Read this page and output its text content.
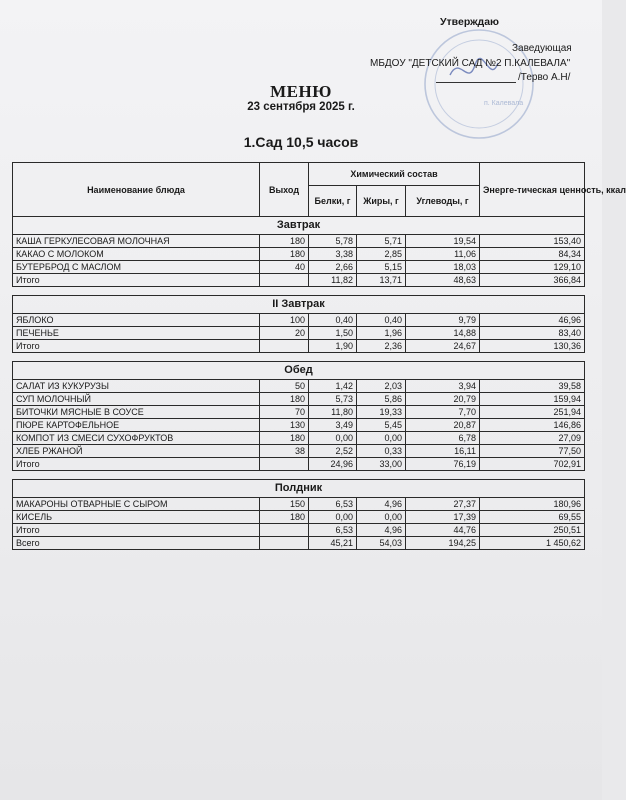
п. Калевала
Утверждаю
Заведующая
МБДОУ "ДЕТСКИЙ САД №2 П.КАЛЕВАЛА"
/Терво А.Н/
МЕНЮ
23 сентября 2025 г.
1.Сад 10,5 часов
Наименование блюда	Выход	Химический состав			Энерге-тическая ценность, ккал
		Белки, г	Жиры, г	Углеводы, г	
Завтрак					
КАША ГЕРКУЛЕСОВАЯ МОЛОЧНАЯ	180	5,78	5,71	19,54	153,40
КАКАО С МОЛОКОМ	180	3,38	2,85	11,06	84,34
БУТЕРБРОД С МАСЛОМ	40	2,66	5,15	18,03	129,10
Итого		11,82	13,71	48,63	366,84

II Завтрак					
ЯБЛОКО	100	0,40	0,40	9,79	46,96
ПЕЧЕНЬЕ	20	1,50	1,96	14,88	83,40
Итого		1,90	2,36	24,67	130,36

Обед					
САЛАТ ИЗ КУКУРУЗЫ	50	1,42	2,03	3,94	39,58
СУП МОЛОЧНЫЙ	180	5,73	5,86	20,79	159,94
БИТОЧКИ МЯСНЫЕ В СОУСЕ	70	11,80	19,33	7,70	251,94
ПЮРЕ КАРТОФЕЛЬНОЕ	130	3,49	5,45	20,87	146,86
КОМПОТ ИЗ СМЕСИ СУХОФРУКТОВ	180	0,00	0,00	6,78	27,09
ХЛЕБ РЖАНОЙ	38	2,52	0,33	16,11	77,50
Итого		24,96	33,00	76,19	702,91

Полдник					
МАКАРОНЫ ОТВАРНЫЕ С СЫРОМ	150	6,53	4,96	27,37	180,96
КИСЕЛЬ	180	0,00	0,00	17,39	69,55
Итого		6,53	4,96	44,76	250,51
Всего		45,21	54,03	194,25	1 450,62
